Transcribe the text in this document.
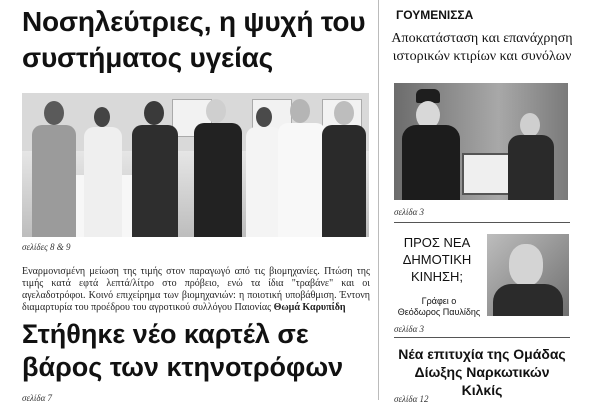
Νοσηλεύτριες, η ψυχή του συστήματος υγείας
σελίδες 8 & 9
Εναρμονισμένη μείωση της τιμής στον παραγωγό από τις βιομηχανίες. Πτώση της τιμής κατά εφτά λεπτά/λίτρο στο πρόβειο, ενώ τα ίδια "τραβάνε" και οι αγελαδοτρόφοι. Κοινό επιχείρημα των βιομηχανιών: η ποιοτική υποβάθμιση. Έντονη διαμαρτυρία του προέδρου του αγροτικού συλλόγου Παιονίας Θωμά Καρυπίδη
Στήθηκε νέο καρτέλ σε βάρος των κτηνοτρόφων
σελίδα 7
ΓΟΥΜΕΝΙΣΣΑ
Αποκατάσταση και επανάχρηση ιστορικών κτιρίων και συνόλων
σελίδα 3
ΠΡΟΣ ΝΕΑ ΔΗΜΟΤΙΚΗ ΚΙΝΗΣΗ;
Γράφει ο
Θεόδωρος Παυλίδης
σελίδα 3
Νέα επιτυχία της Ομάδας Δίωξης Ναρκωτικών Κιλκίς
σελίδα 12
